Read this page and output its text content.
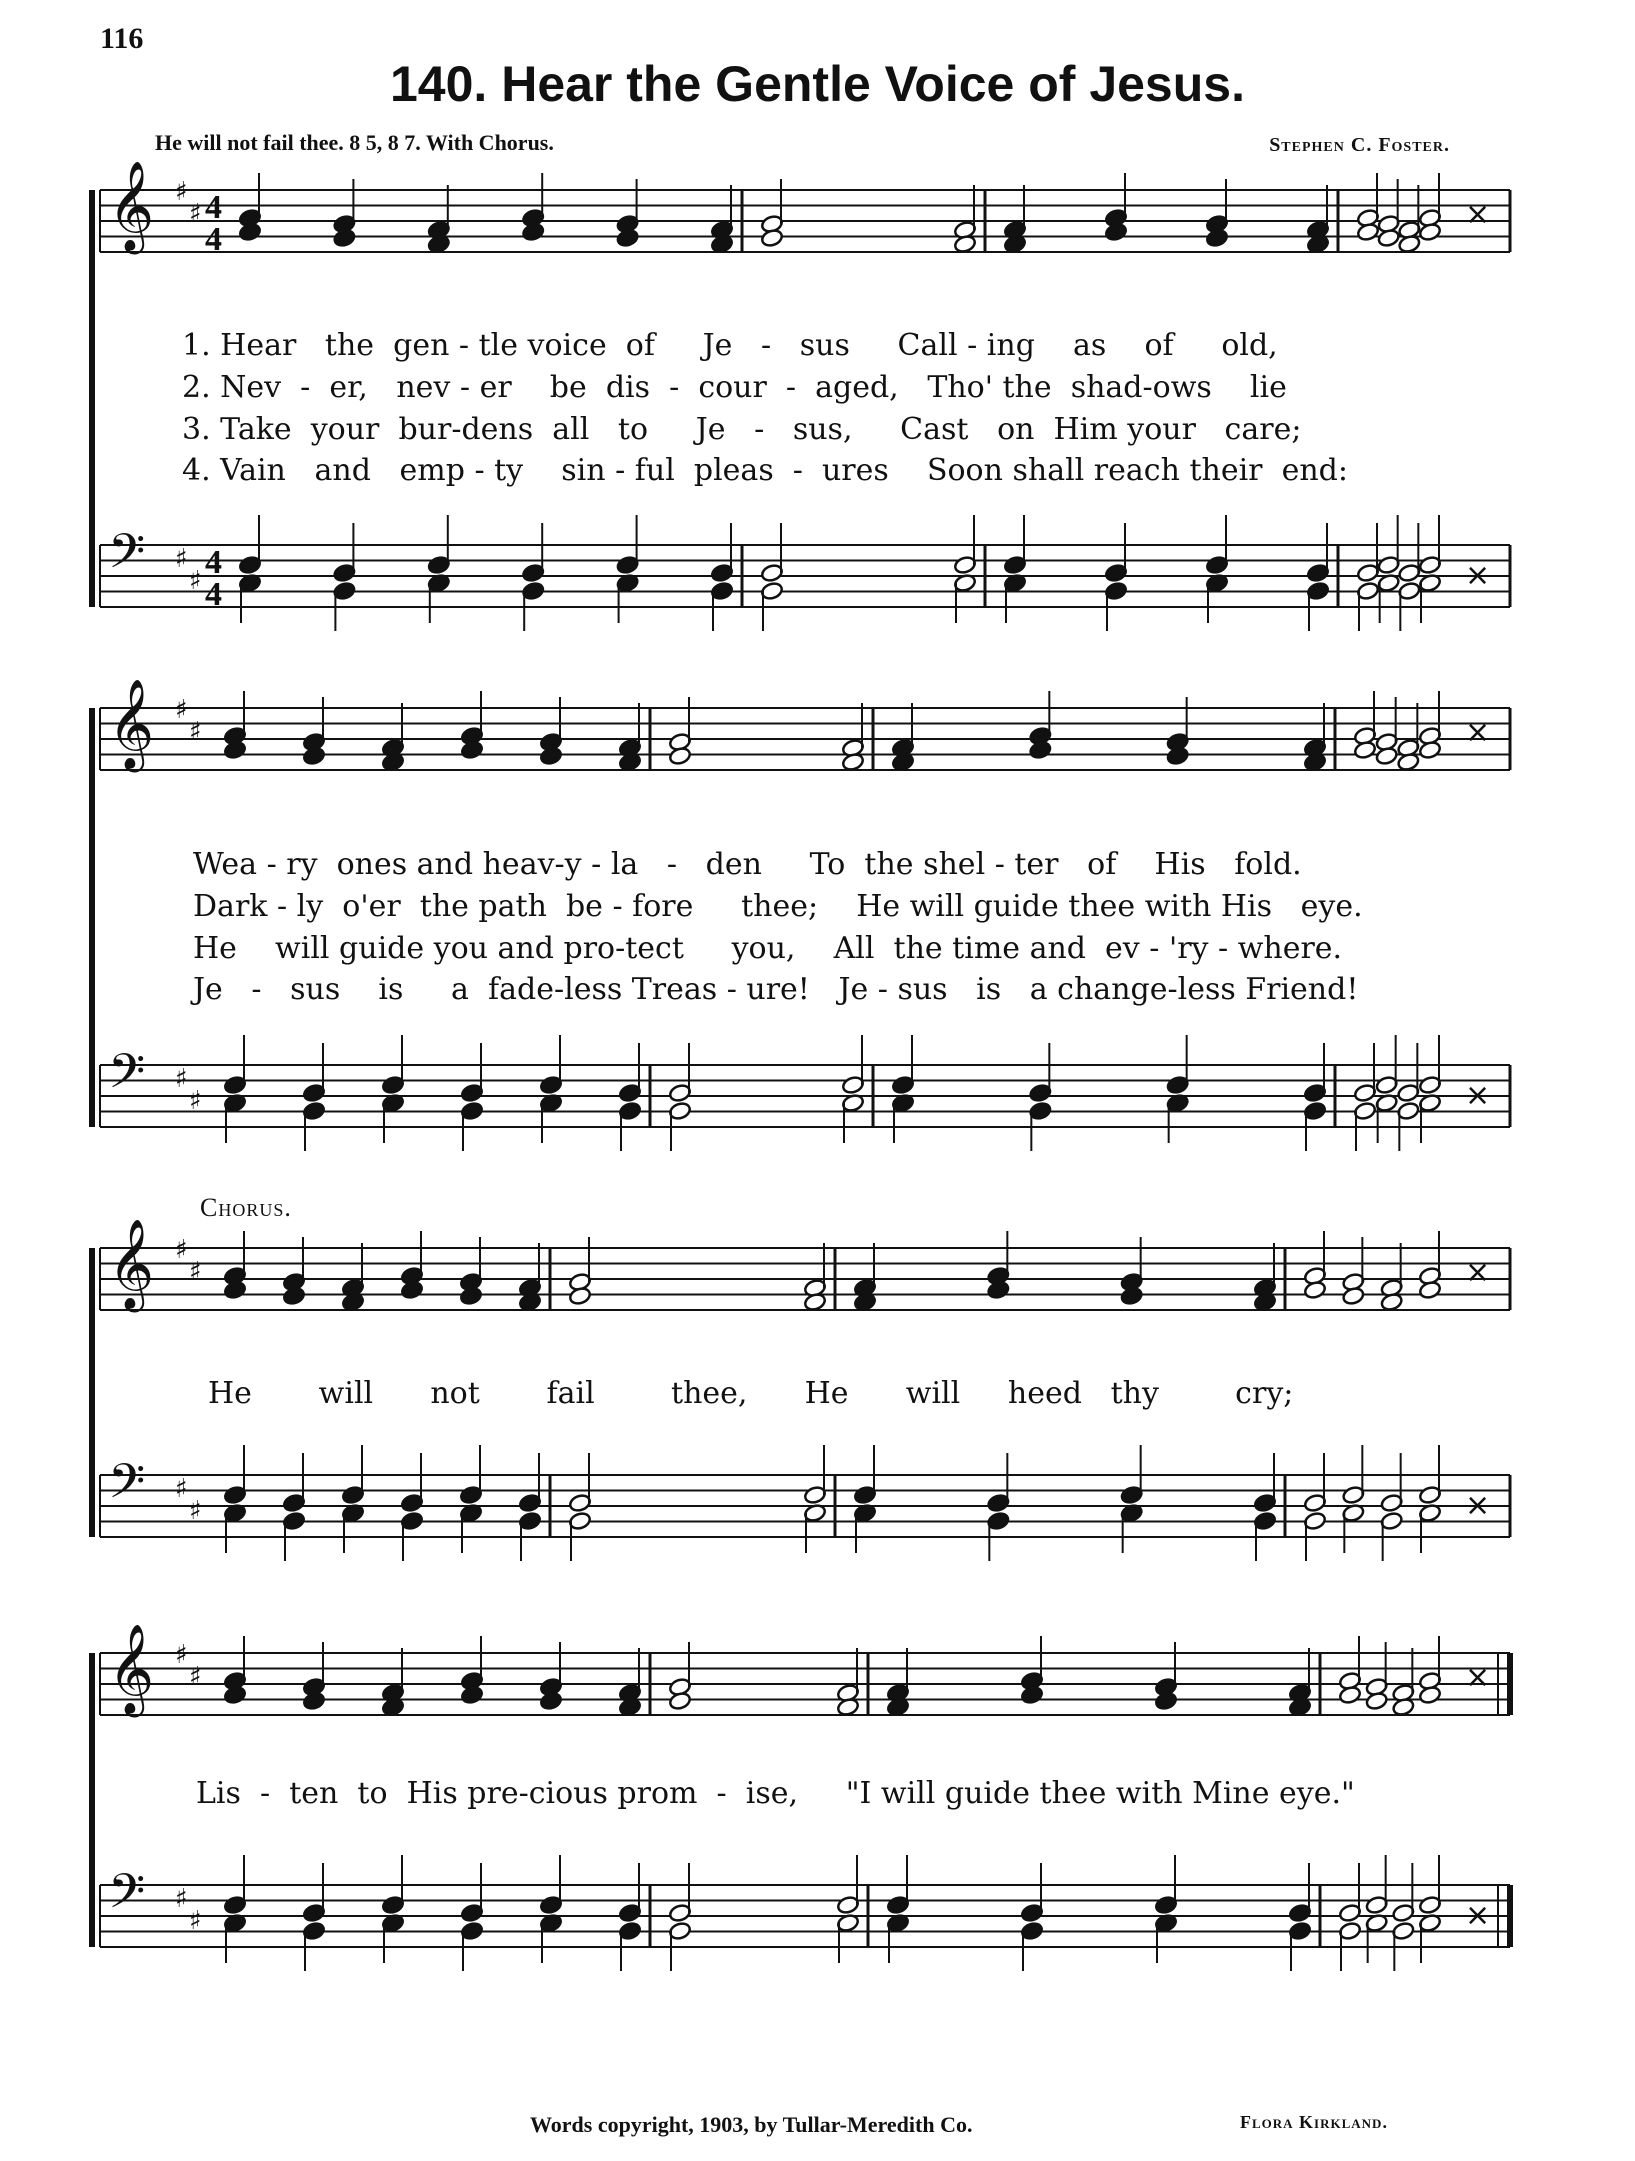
116
140. Hear the Gentle Voice of Jesus.
He will not fail thee. 8 5, 8 7. With Chorus.	Stephen C. Foster.
𝄞
𝄢
♯
♯
♯
♯
4
4
4
4
×
×
𝄞
𝄢
♯
♯
♯
♯
×
×
𝄞
𝄢
♯
♯
♯
♯
×
×
𝄞
𝄢
♯
♯
♯
♯
×
×
1. Hear   the  gen - tle voice  of     Je   -   sus     Call - ing    as    of     old,
2. Nev  -  er,   nev - er    be  dis  -  cour  -  aged,   Tho' the  shad-ows    lie
3. Take  your  bur-dens  all   to     Je   -   sus,     Cast   on  Him your   care;
4. Vain   and   emp - ty    sin - ful  pleas  -  ures    Soon shall reach their  end:
Wea - ry  ones and heav-y - la   -   den     To  the shel - ter   of    His   fold.
Dark - ly  o'er  the path  be - fore     thee;    He will guide thee with His   eye.
He    will guide you and pro-tect     you,    All  the time and  ev - 'ry - where.
Je   -   sus    is     a  fade-less Treas - ure!   Je - sus   is   a change-less Friend!
Chorus.
He       will      not       fail        thee,      He      will     heed   thy        cry;
Lis  -  ten  to  His pre-cious prom  -  ise,     "I will guide thee with Mine eye."
Words copyright, 1903, by Tullar-Meredith Co.	Flora Kirkland.
